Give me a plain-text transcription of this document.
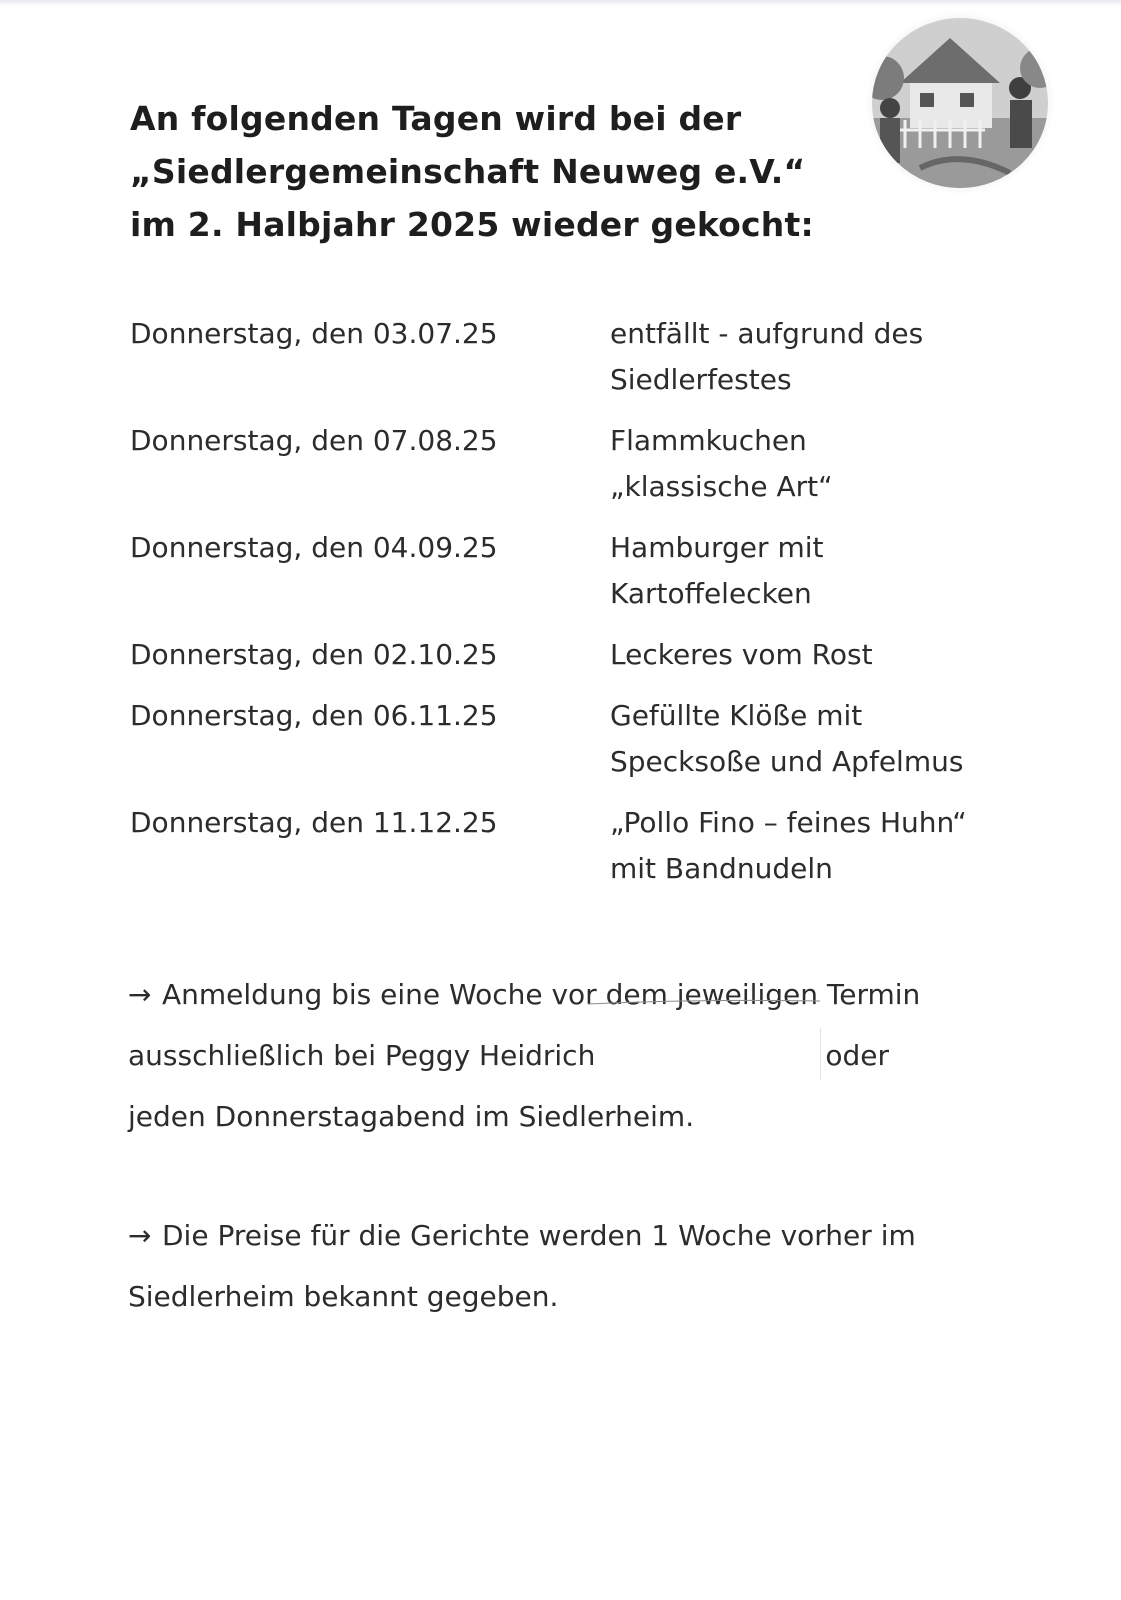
An folgenden Tagen wird bei der
„Siedlergemeinschaft Neuweg e.V.“
im 2. Halbjahr 2025 wieder gekocht:
Donnerstag, den 03.07.25	entfällt - aufgrund des
Siedlerfestes
Donnerstag, den 07.08.25	Flammkuchen
„klassische Art“
Donnerstag, den 04.09.25	Hamburger mit
Kartoffelecken
Donnerstag, den 02.10.25	Leckeres vom Rost
Donnerstag, den 06.11.25	Gefüllte Klöße mit
Specksoße und Apfelmus
Donnerstag, den 11.12.25	„Pollo Fino – feines Huhn“
mit Bandnudeln
→ Anmeldung bis eine Woche vor dem jeweiligen Termin
ausschließlich bei Peggy Heidrich	oder
jeden Donnerstagabend im Siedlerheim.
→ Die Preise für die Gerichte werden 1 Woche vorher im
Siedlerheim bekannt gegeben.
